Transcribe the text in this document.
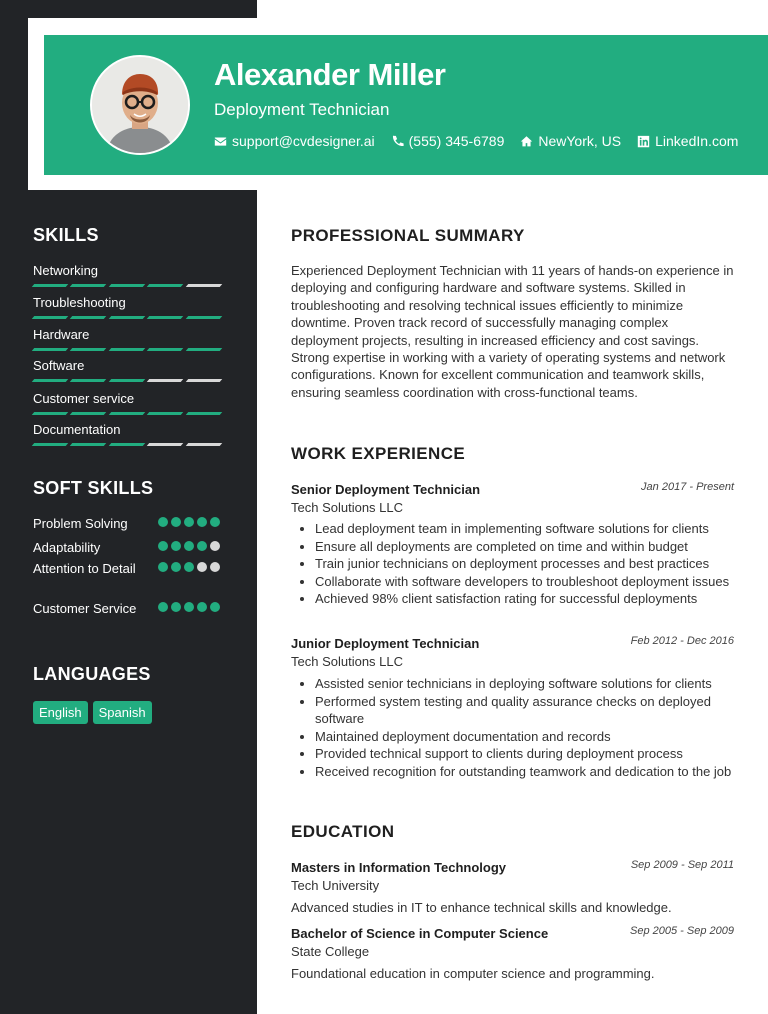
SKILLS
Networking
Troubleshooting
Hardware
Software
Customer service
Documentation
SOFT SKILLS
Problem Solving
Adaptability
Attention to Detail
Customer Service
LANGUAGES
English	Spanish
Alexander Miller
Deployment Technician
support@cvdesigner.ai (555) 345-6789 NewYork, US LinkedIn.com
PROFESSIONAL SUMMARY
Experienced Deployment Technician with 11 years of hands-on experience in deploying and configuring hardware and software systems. Skilled in troubleshooting and resolving technical issues efficiently to minimize downtime. Proven track record of successfully managing complex deployment projects, resulting in increased efficiency and cost savings. Strong expertise in working with a variety of operating systems and network configurations. Known for excellent communication and teamwork skills, ensuring seamless coordination with cross-functional teams.
WORK EXPERIENCE
Senior Deployment Technician	Jan 2017 - Present
Tech Solutions LLC
• Lead deployment team in implementing software solutions for clients
• Ensure all deployments are completed on time and within budget
• Train junior technicians on deployment processes and best practices
• Collaborate with software developers to troubleshoot deployment issues
• Achieved 98% client satisfaction rating for successful deployments
Junior Deployment Technician	Feb 2012 - Dec 2016
Tech Solutions LLC
• Assisted senior technicians in deploying software solutions for clients
• Performed system testing and quality assurance checks on deployed software
• Maintained deployment documentation and records
• Provided technical support to clients during deployment process
• Received recognition for outstanding teamwork and dedication to the job
EDUCATION
Masters in Information Technology	Sep 2009 - Sep 2011
Tech University
Advanced studies in IT to enhance technical skills and knowledge.
Bachelor of Science in Computer Science	Sep 2005 - Sep 2009
State College
Foundational education in computer science and programming.
